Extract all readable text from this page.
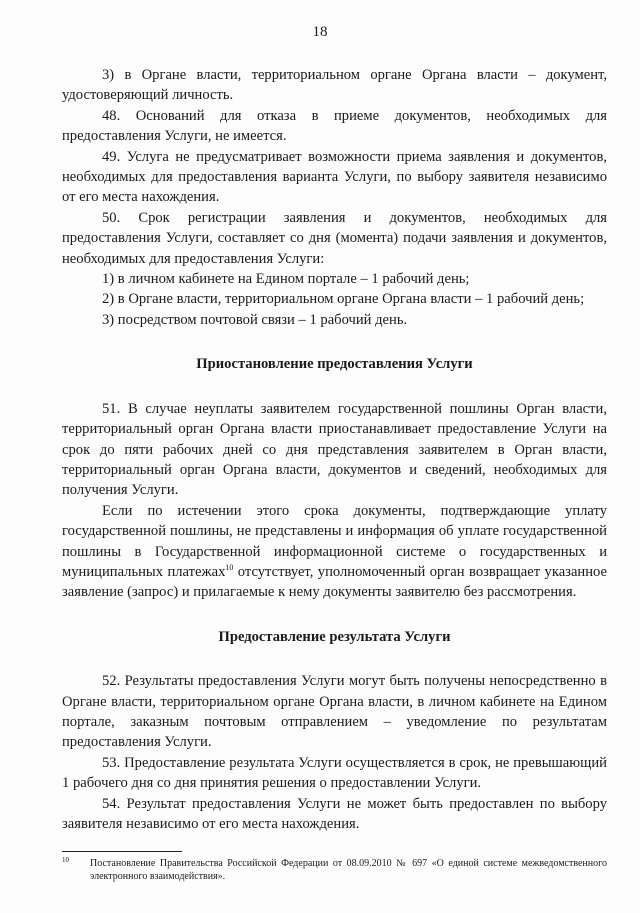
18

3) в Органе власти, территориальном органе Органа власти – документ, удостоверяющий личность.

48. Оснований для отказа в приеме документов, необходимых для предоставления Услуги, не имеется.

49. Услуга не предусматривает возможности приема заявления и документов, необходимых для предоставления варианта Услуги, по выбору заявителя независимо от его места нахождения.

50. Срок регистрации заявления и документов, необходимых для предоставления Услуги, составляет со дня (момента) подачи заявления и документов, необходимых для предоставления Услуги:

1) в личном кабинете на Едином портале – 1 рабочий день;

2) в Органе власти, территориальном органе Органа власти – 1 рабочий день;

3) посредством почтовой связи – 1 рабочий день.

Приостановление предоставления Услуги

51. В случае неуплаты заявителем государственной пошлины Орган власти, территориальный орган Органа власти приостанавливает предоставление Услуги на срок до пяти рабочих дней со дня представления заявителем в Орган власти, территориальный орган Органа власти, документов и сведений, необходимых для получения Услуги.

Если по истечении этого срока документы, подтверждающие уплату государственной пошлины, не представлены и информация об уплате государственной пошлины в Государственной информационной системе о государственных и муниципальных платежах$^{10}$ отсутствует, уполномоченный орган возвращает указанное заявление (запрос) и прилагаемые к нему документы заявителю без рассмотрения.

Предоставление результата Услуги

52. Результаты предоставления Услуги могут быть получены непосредственно в Органе власти, территориальном органе Органа власти, в личном кабинете на Едином портале, заказным почтовым отправлением – уведомление по результатам предоставления Услуги.

53. Предоставление результата Услуги осуществляется в срок, не превышающий 1 рабочего дня со дня принятия решения о предоставлении Услуги.

54. Результат предоставления Услуги не может быть предоставлен по выбору заявителя независимо от его места нахождения.

10	Постановление Правительства Российской Федерации от 08.09.2010 № 697 «О единой системе межведомственного электронного взаимодействия».
